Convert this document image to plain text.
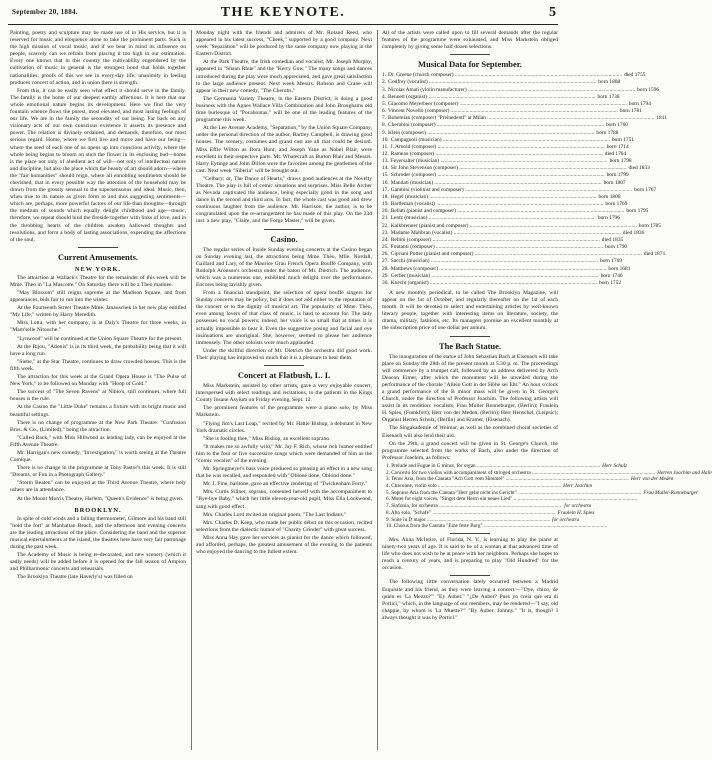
September 20, 1884.	THE KEYNOTE.	5

Painting, poetry and sculpture may be made use of in His service, but it is reserved for music and eloquence alone to take the prominent parts. Such is the high mission of vocal music, and if we bear in mind its influence on people, scarcely can we refrain from placing it too high in our estimation. Every one knows that in this country the cultivability engendered by the cultivation of music in general is the strongest bond that holds together nationalities; proofs of this we see in every-day life; unanimity in feeling produces concert of action, and in union there is strength.

From this, it can be easily seen what effect it should serve in the family. The family is the home of our deepest earthly affections. It is here that our whole emotional nature begins its development. Here we find the very fountain whence flows the purest, most elevated, and most lasting feelings of our life. We are in the family the secondity of our being. Far back on any visionary acts of our own conscious existence it asserts its presence and power. The relation is divinely ordained, and demands, therefore, our most serious regard. Home, where we first live and move and have our being—where the seed of each one of us opens up into conscious activity, where the whole being begins to bloom on such the flower in its enclosing bud—home is the place not only of obedient act of will—not only of intellectual nature and discipline, but also the place which the beauty of art should adorn—where the "fair humanities" should reign, where all ennobling sentiments should be cherished, that in every possible way the attention of the household may be drawn from the grossly sensual to the supersensuous and ideal. Music, then, when true to its nature as given form to and thus suggesting sentiments—which are, perhaps, more powerful factors of our life than thoughts—through the medium of sounds which equally delight childhood and age—music, therefore, we repeat should bind the fireside together with links of love, and in the throbbing hearts of the children awaken hallowed thoughts and resolutions, and form a body of lasting associations, expending the affections of the soul.

Current Amusements.
NEW YORK.

The attraction at Wallack's Theatre for the remainder of this week will be Mme. Theo in "La Mascotte." On Saturday there will be a Theo matinee.

"May Blossom" still reigns supreme at the Madison Square, and from appearances, bids fair to run into the winter.

At the Fourteenth Street Theatre Mme. Janauschek in her new play entitled "My Life," written by Harry Meredith.

Miss Lotta, with her company, is at Daly's Theatre for three weeks, in "Mam'selle Nitouche."

"Lynwood" will be continued at the Union Square Theatre for the present.

At the Bijou, "Adonis" is in its third week, the probability being that it will have a long run.

"Siebe," at the Star Theatre, continues to draw crowded houses. This is the fifth week.

The attraction for this week at the Grand Opera House is "The Pulse of New York," to be followed on Monday with "Hoop of Gold."

The success of "The Seven Ravens" at Niblo's, still continues, where full houses is the rule.

At the Casino the "Little Duke" remains a fixture with its bright music and beautiful settings.

There is no change of programme at the New Park Theatre. "Confusion Bros. & Co., (Limited)," being the attraction.

"Called Back," with Miss Hillwood as leading lady, can be enjoyed at the Fifth Avenue Theatre.

Mr. Harrigan's new comedy, "Investigation," is worth seeing at the Theatre Comique.

There is no change in the programme at Tony Pastor's this week. It is still "Dreams, or Fun in a Photograph Gallery."

"Storm Beaten" can be enjoyed at the Third Avenue Theatre, where holy ushers are in attendance.

At the Mount Morris Theatre, Harlem, "Queen's Evidence" is being given.

BROOKLYN.

In spite of cold winds and a falling thermometer, Gilmore and his band still "hold the fort" at Manhattan Beach, and the afternoon and evening concerts are the leading attractions of the place. Considering the band and the superior musical entertainments at the island, the theatres here have very fair patronage during the past week.

The Academy of Music is being re-decorated, and new scenery (which it sadly needs) will be added before it is opened for the fall season of Ampion and Philharmonic concerts and rehearsals.

The Brooklyn Theatre (late Haverly's) was filled on

Monday night with the friends and admirers of Mr. Roland Reed, who appeared in his latest success, "Cheek," supported by a good company. Next week "Separation" will be produced by the same company now playing in the Eastern District.

At the Park Theatre, the Irish comedian and vocalist, Mr. Joseph Murphy, appeared in "Shaun Rhue" and the "Kerry Gow." The many songs and dances introduced during the play were much appreciated, and gave great satisfaction to the large audience present. Next week Messrs. Robson and Crane will appear in their new comedy, "The Cherubs."

The Germania Variety Theatre, in the Eastern District, is doing a good business with the Agnes Wallace Villa Combination and John Broughams old time burlesque of "Pocahontas," will be one of the leading features of the programme this week.

At the Lee Avenue Academy, "Separation," by the Union Square Company, under the personal direction of the author, Bartley Campbell, is drawing good houses. The scenery, costumes and grand cast are all that could be desired. Miss Effie Wilton as Dora Hunt, and Joseph Yane as Nobel Blair, were excellent in their respective parts. Mr. Whatecraft as Burton Blair and Messrs. Harry Eytinge and John Dillon were the favorites among the gentlemen of the cast. Next week "Siberia" will be brought out.

"Celbary; or, The Dance of Hearts," draws good audiences at the Novelty Theatre. The play is full of comic situations and surprises. Miss Belle Archer as Nevada captivated the audience, being especially good in the song and dance in the second and third acts. In fact, the whole cast was good and drew continuous laughter from the audience. Mr. Harrison, the author, is to be congratulated upon the re-arrangement he has made of this play. On the 23d inst. a new play, "Claire, and the Forge Master," will be given.

Casino.

The regular series of Inside Sunday evening concerts at the Casino began on Sunday evening last, the attractions being Mme. Thèo, Mlle. Nordall, Gaillard and Lary, of the Maurice Grau French Opera Bouffé Company, with Rudolph Aronson's orchestra under the baton of Mr. Dietrich. The audience, which was a numerous one, exhibited much delight over the performance. Encores being lavishly given.

From a financial standpoint, the selection of opera bouffé singers for Sunday concerts may be policy, but it does not add either to the reputation of the concert or to the dignity of musical art. The popularity of Mme. Thèo, even among lovers of that class of music, is hard to account for. The lady possesses no vocal powers; indeed, her voice is so small that at times it is actually impossible to hear it. Even the suggestive posing and facial and eye insinuations are unoriginal. She, however, seemed to please her audience immensely. The other soloists were much applauded.

Under the skillful direction of Mr. Dietrich the orchestra did good work. Their playing has improved so much that it is a pleasure to hear them.

Concert at Flatbush, L. I.

Miss Markstein, assisted by other artists, gave a very enjoyable concert, interspersed with select readings and recitations, to the patients in the Kings County Insane Asylum on Friday evening, Sept. 12.

The prominent features of the programme were a piano solo, by Miss Markstein.

"Flying Jim's Last Leap," recited by Mr. Hattie Bishop, a debutant in New York dramatic circles.

"She is fooling thee," Miss Bishop, an excellent soprano.

"It makes me so awfully wild," Mr. Jay F. Rich, whose rich humor entitled him to the four or five successive songs which were demanded of him as the "comic vocalist" of the evening.

Mr. Springmeyer's bass voice produced so pleasing an effect in a new song that he was recalled, and responded with "Oblone done, Oblond done."

Mr. J. Fine, baritone, gave an effective rendering of "Twickenham Ferry."

Mrs. Curtis Sillner, soprano, contented herself with the accompaniment to "Bye-bye Baby," which her little eleven-year-old pupil, Miss Ella Lockwood, sang with good effect.

Mrs. Charles Lord recited an original poem, "The Last Indians."

Mrs. Charles D. Keep, who made her public début on this occasion, recited selections from the dialectic humor of "Charity Grinder" with great success.

Miss Anna Hay gave her services as pianist for the dance which followed, and afforded, perhaps, the greatest amusement of the evening to the patients who enjoyed the dancing to the fullest extent.

All of the artists were called upon to fill several demands after the regular features of the programme were exhausted, and Miss Markstein obliged completely by giving some half dozen selections.

Musical Data for September.
1. Dr. Greene (church composer) .....	died 1755
2. Godfrey (vocalist) .....	born 1808
3. Nicolas Amati (violin manufacturer) .....	born 1596
4. Bennett (organist) .....	born 1738
5. Giacomo Meyerbeer (composer) .....	born 1794
6. Vincent Novello (composer) .....	born 1781
7. Bohemian (composer) "Preinedentl" at Milan .....	1811
8. Cherubini (composer) .....	born 1760
9. Klein (composer) .....	born 1788
10. Campagnoli (musician) .....	born 1751
11. J. Arnold (composer) .....	born 1714
12. Rameau (composer) .....	died 1764
13. Feyersalter (musician) .....	born 1798
14. Sir John Stevenson (composer) .....	died 1833
15. Schroder (composer) .....	born 1799
16. Mandati (musician) .....	born 1807
17. Gambini (violinist and composer) .....	born 1767
18. Hegel (musician) .....	born 1808
19. Bartleman (vocalist) .....	born 1769
20. Bellati (pianist and composer) .....	born 1795
21. Lentz (musician) .....	born 1796
22. Kalkbrenner (pianist and composer) .....	born 1785
23. Madame Malibran (vocalist) .....	died 1836
24. Bellini (composer) .....	died 1835
25. Fontanti (composer) .....	born 1790
26. Cipriani Potter (pianist and composer) .....	died 1871
27. Sacchi (musician) .....	born 1769
28. Matthews (composer) .....	born 1681
29. Gerber (musician) .....	born 1746
30. Knecht (organist) .....	born 1752

A new monthly periodical, to be called The Brooklyn Magazine, will appear on the 1st of October, and regularly thereafter on the 1st of each month. It will be devoted to select and entertaining articles by well-known literary people, together with interesting items on literature, society, the drama, military, fashions, etc. Its managers promise an excellent monthly at the subscription price of one dollar per annum.

The Bach Statue.

The inauguration of the statue of John Sebastian Bach at Eisenach will take place on Sunday the 28th of the present month at 5.30 p. m. The proceedings will commence by a trumpet call, followed by an address delivered by Arch Deacon Eimer, after which the monument will be unveiled during the performance of the chorale "Allein Gott in der Höhe sei Ehr." An hour o'clock a grand performance of the B minor mass will be given in St. George's Church, under the direction of Professor Joachim. The following artists will assist in its rendition: vocalists, Frau Muller Ronneburger, (Berlin); Fraulein H. Spies, (Frankfort); Herr von der Meden, (Berlin); Herr Henschel, (Leipsic); Organist Herren Schulz, (Berlin) and Kramer, (Eisenach).

The Singakademie of Weimar, as well as the combined choral societies of Eisenach will also lend their aid.

On the 29th, a grand concert will be given in St. George's Church, the programme selected from the works of Bach, also under the direction of Professor Joachim, as follows:

1. Prelude and Fugue in G minor, for organ .....	Herr Schulz
2. Concerto for two violins with accompaniment of stringed orchestra .....	Herren Joachim and Halir
3. Tenor Aria, from the Cantata "Ach Gott vom Himmel" .....	Herr von der Meden
4. Chaconne, violin solo .....	Herr Joachim
5. Soprano Aria from the Cantata "Herr gehe nicht ins Gericht" .....	Frau Muller-Ronneburger
6. Motet for eight voices, "Singet dem Herrn ein neues Lied" .....
7. Sinfonia, for orchestra .....	for orchestra
8. Alto solo, "Schafe" .....	Fraulein H. Spies
9. Suite in D major .....	for orchestra
10. Chorus from the Cantata "Eine feste Burg" .....

Mrs. Anna McIntire, of Florida, N. Y., is learning to play the piano at ninety-two years of age. It is said to be of a woman at that advanced time of life who does not wish to be at peace with her neighbors. Perhaps she hopes to reach a century of years, and is preparing to play "Old Hundred" for the occasion.

The following little conversation lately occurred between a Madrid Esquisite and his friend, as they were leaving a concert:—"Oye, chico, de quién es 'La Mezzo?'" "Ey Auber." "¿De Auber? Pues yo creía que era di Porticl," which, in the language of our members, may be rendered—"I say, old chappie, by whom is 'La Muette?'" "By Auber, Johnny." "It is, though? I always thought it was by Porticl."
